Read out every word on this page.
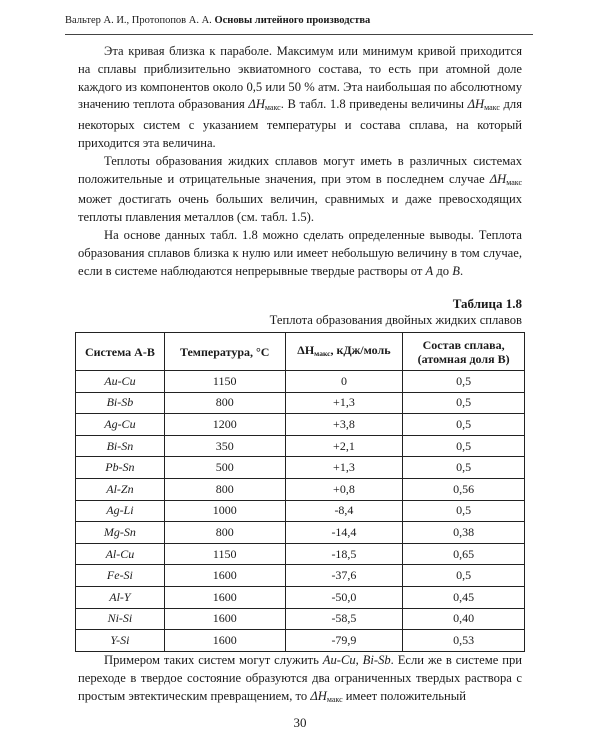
Вальтер А. И., Протопопов А. А. Основы литейного производства

Эта кривая близка к параболе. Максимум или минимум кривой приходится на сплавы приблизительно эквиатомного состава, то есть при атомной доле каждого из компонентов около 0,5 или 50 % атм. Эта наибольшая по абсолютному значению теплота образования $\Delta H_{макс}$. В табл. 1.8 приведены величины $\Delta H_{макс}$ для некоторых систем с указанием температуры и состава сплава, на который приходится эта величина.

Теплоты образования жидких сплавов могут иметь в различных системах положительные и отрицательные значения, при этом в последнем случае $\Delta H_{макс}$ может достигать очень больших величин, сравнимых и даже превосходящих теплоты плавления металлов (см. табл. 1.5).

На основе данных табл. 1.8 можно сделать определенные выводы. Теплота образования сплавов близка к нулю или имеет небольшую величину в том случае, если в системе наблюдаются непрерывные твердые растворы от А до В.

Таблица 1.8
Теплота образования двойных жидких сплавов
Система A-B	Температура, °С	$\Delta H_{макс}$, кДж/моль	Состав сплава,
(атомная доля В)
Au-Cu	1150	0	0,5
Bi-Sb	800	+1,3	0,5
Ag-Cu	1200	+3,8	0,5
Bi-Sn	350	+2,1	0,5
Pb-Sn	500	+1,3	0,5
Al-Zn	800	+0,8	0,56
Ag-Li	1000	-8,4	0,5
Mg-Sn	800	-14,4	0,38
Al-Cu	1150	-18,5	0,65
Fe-Si	1600	-37,6	0,5
Al-Y	1600	-50,0	0,45
Ni-Si	1600	-58,5	0,40
Y-Si	1600	-79,9	0,53

Примером таких систем могут служить Au-Cu, Bi-Sb. Если же в системе при переходе в твердое состояние образуются два ограниченных твердых раствора с простым эвтектическим превращением, то $\Delta H_{макс}$ имеет положительный

30
